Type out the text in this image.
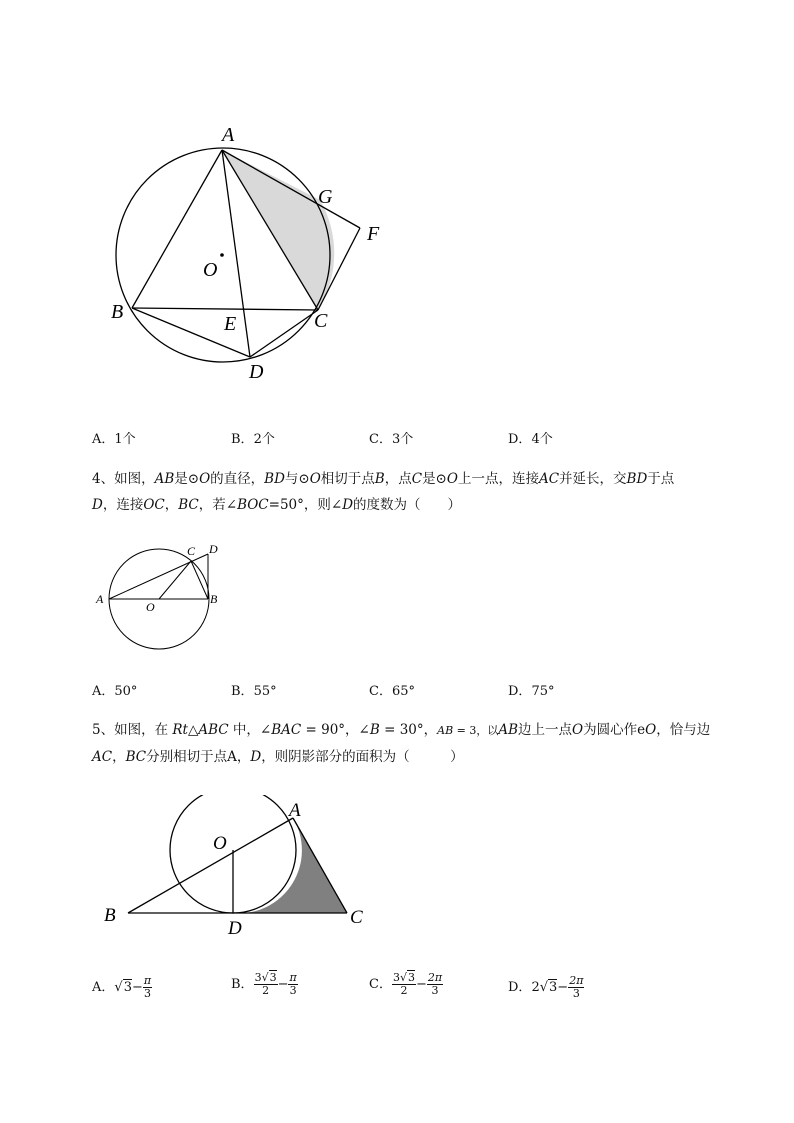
A
G
F
O
B
E	C
D
A．1个	B．2个	C．3个	D．4个
4、如图，AB是⊙O的直径，BD与⊙O相切于点B，点C是⊙O上一点，连接AC并延长，交BD于点
D，连接OC，BC，若∠BOC=50°，则∠D的度数为（　　）
A
O
B
C D
A．50°	B．55°	C．65°	D．75°
5、如图，在 Rt△ABC 中，∠BAC = 90°，∠B = 30°，AB = 3，以AB边上一点O为圆心作eO，恰与边
AC，BC分别相切于点A，D，则阴影部分的面积为（　　　）
A
O
B
D
C
A．$√3- \frac{\pi}{3}$	B． $\frac{3√3}{2} - \frac{\pi}{3}$	C． $\frac{3√3}{2} - \frac{2\pi}{3}$	D．$2√3- \frac{2\pi}{3}$
